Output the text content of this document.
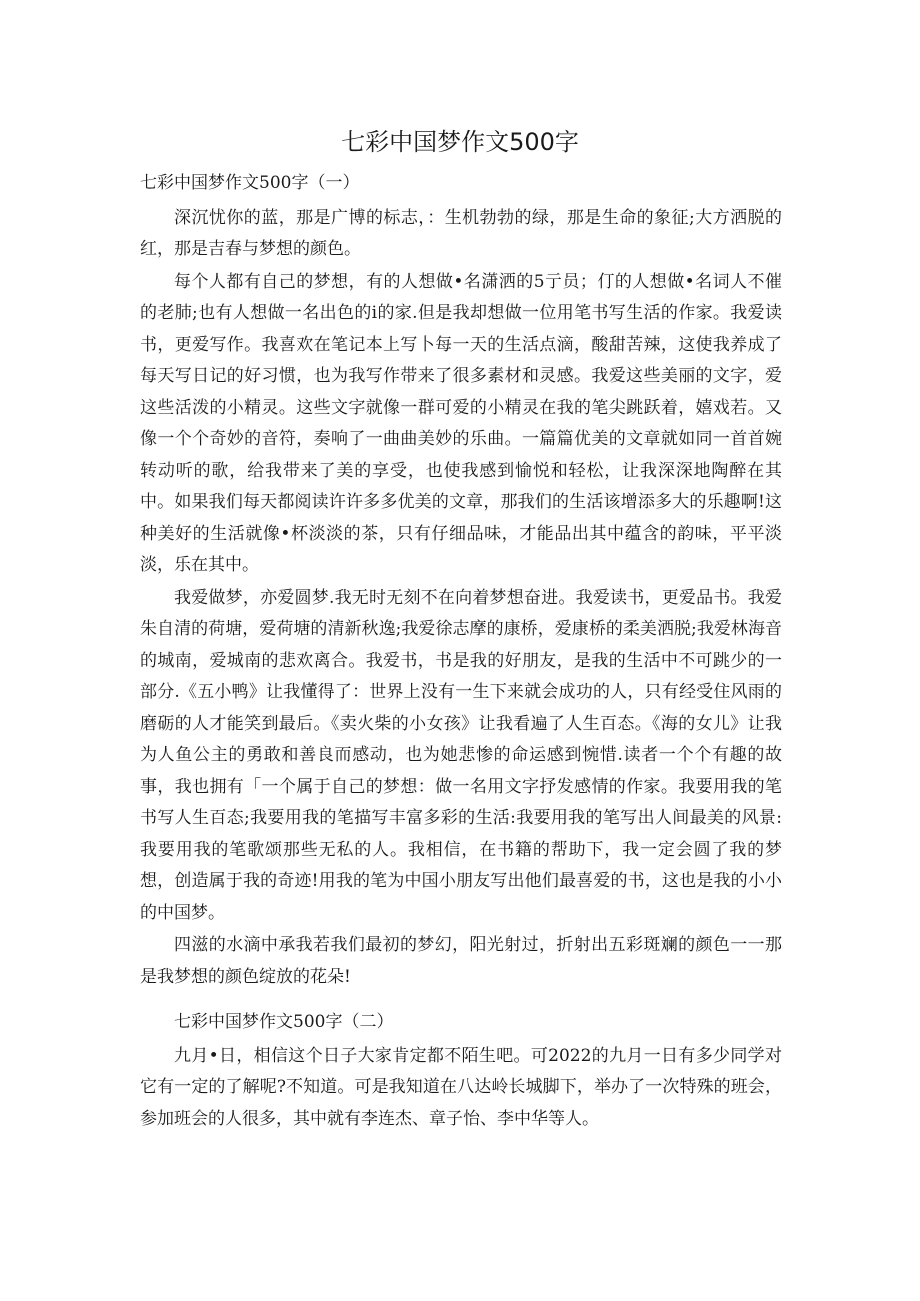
七彩中国梦作文500字
七彩中国梦作文500字（一）

深沉忧你的蓝，那是广博的标志，：生机勃勃的绿，那是生命的象征;大方洒脱的红，那是吉春与梦想的颜色。

每个人都有自己的梦想，有的人想做•名潇洒的5亍员；仃的人想做•名词人不催的老肺;也有人想做一名出色的i的家.但是我却想做一位用笔书写生活的作家。我爱读书，更爱写作。我喜欢在笔记本上写卜每一天的生活点滴，酸甜苦辣，这使我养成了每天写日记的好习惯，也为我写作带来了很多素材和灵感。我爱这些美丽的文字，爱这些活泼的小精灵。这些文字就像一群可爱的小精灵在我的笔尖跳跃着，嬉戏若。又像一个个奇妙的音符，奏响了一曲曲美妙的乐曲。一篇篇优美的文章就如同一首首婉转动听的歌，给我带来了美的享受，也使我感到愉悦和轻松，让我深深地陶醉在其中。如果我们每天都阅读许许多多优美的文章，那我们的生活该增添多大的乐趣啊!这种美好的生活就像•杯淡淡的茶，只有仔细品味，才能品出其中蕴含的韵味，平平淡淡，乐在其中。

我爱做梦，亦爱圆梦.我无时无刻不在向着梦想奋进。我爱读书，更爱品书。我爱朱自清的荷塘，爱荷塘的清新秋逸;我爱徐志摩的康桥，爱康桥的柔美洒脱;我爱林海音的城南，爱城南的悲欢离合。我爱书，书是我的好朋友，是我的生活中不可跳少的一部分.《五小鸭》让我懂得了：世界上没有一生下来就会成功的人，只有经受住风雨的磨砺的人才能笑到最后。《卖火柴的小女孩》让我看遍了人生百态。《海的女儿》让我为人鱼公主的勇敢和善良而感动，也为她悲惨的命运感到惋惜.读者一个个有趣的故事，我也拥有「一个属于自己的梦想：做一名用文字抒发感情的作家。我要用我的笔书写人生百态;我要用我的笔描写丰富多彩的生活:我要用我的笔写出人间最美的风景:我要用我的笔歌颂那些无私的人。我相信，在书籍的帮助下，我一定会圆了我的梦想，创造属于我的奇迹!用我的笔为中国小朋友写出他们最喜爱的书，这也是我的小小的中国梦。

四滋的水滴中承我若我们最初的梦幻，阳光射过，折射出五彩斑斓的颜色一一那是我梦想的颜色绽放的花朵!

七彩中国梦作文500字（二）

九月•日，相信这个日子大家肯定都不陌生吧。可2022的九月一日有多少同学对它有一定的了解呢?不知道。可是我知道在八达岭长城脚下，举办了一次特殊的班会，参加班会的人很多，其中就有李连杰、章子怡、李中华等人。
